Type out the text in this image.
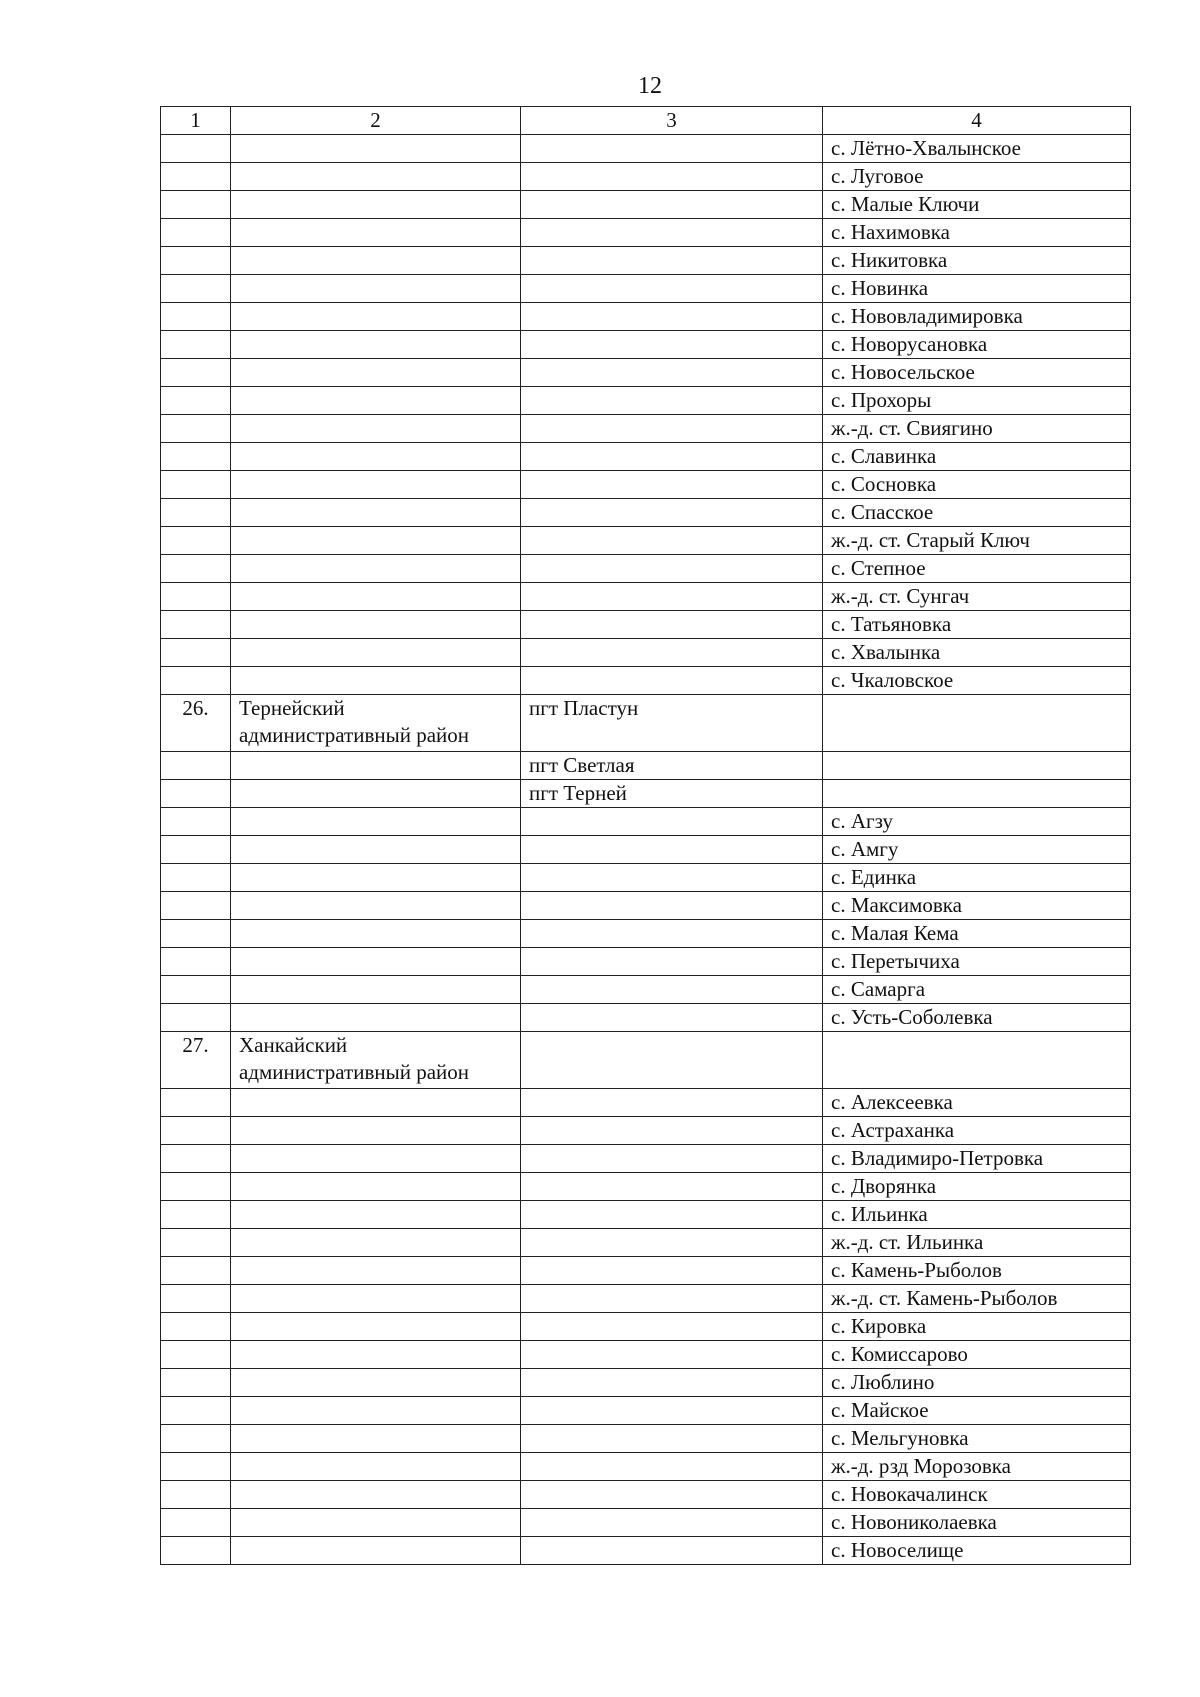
12
1	2	3	4
			с. Лётно-Хвалынское
			с. Луговое
			с. Малые Ключи
			с. Нахимовка
			с. Никитовка
			с. Новинка
			с. Нововладимировка
			с. Новорусановка
			с. Новосельское
			с. Прохоры
			ж.-д. ст. Свиягино
			с. Славинка
			с. Сосновка
			с. Спасское
			ж.-д. ст. Старый Ключ
			с. Степное
			ж.-д. ст. Сунгач
			с. Татьяновка
			с. Хвалынка
			с. Чкаловское
26.	Тернейский административный район	пгт Пластун	
		пгт Светлая	
		пгт Терней	
			с. Агзу
			с. Амгу
			с. Единка
			с. Максимовка
			с. Малая Кема
			с. Перетычиха
			с. Самарга
			с. Усть-Соболевка
27.	Ханкайский административный район		
			с. Алексеевка
			с. Астраханка
			с. Владимиро-Петровка
			с. Дворянка
			с. Ильинка
			ж.-д. ст. Ильинка
			с. Камень-Рыболов
			ж.-д. ст. Камень-Рыболов
			с. Кировка
			с. Комиссарово
			с. Люблино
			с. Майское
			с. Мельгуновка
			ж.-д. рзд Морозовка
			с. Новокачалинск
			с. Новониколаевка
			с. Новоселище
